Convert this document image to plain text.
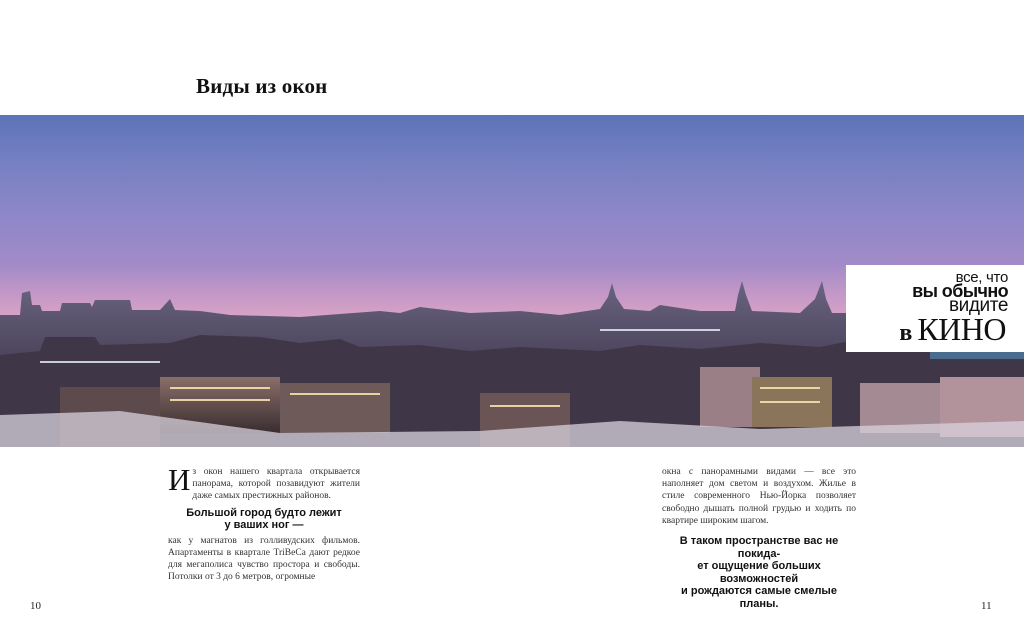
Виды из окон
все, что
вы обычно
видите
в КИНО
И з окон нашего квартала открывается панорама, которой позавидуют жители даже самых престижных районов.
Большой город будто лежит
у ваших ног —
как у магнатов из голливудских фильмов. Апартаменты в квартале TriBeCa дают редкое для мегаполиса чувство простора и свободы. Потолки от 3 до 6 метров, огромные
окна с панорамными видами — все это наполняет дом светом и воздухом. Жилье в стиле современного Нью-Йорка позволяет свободно дышать полной грудью и ходить по квартире широким шагом.
В таком пространстве вас не покида-
ет ощущение больших возможностей
и рождаются самые смелые планы.
10	11
